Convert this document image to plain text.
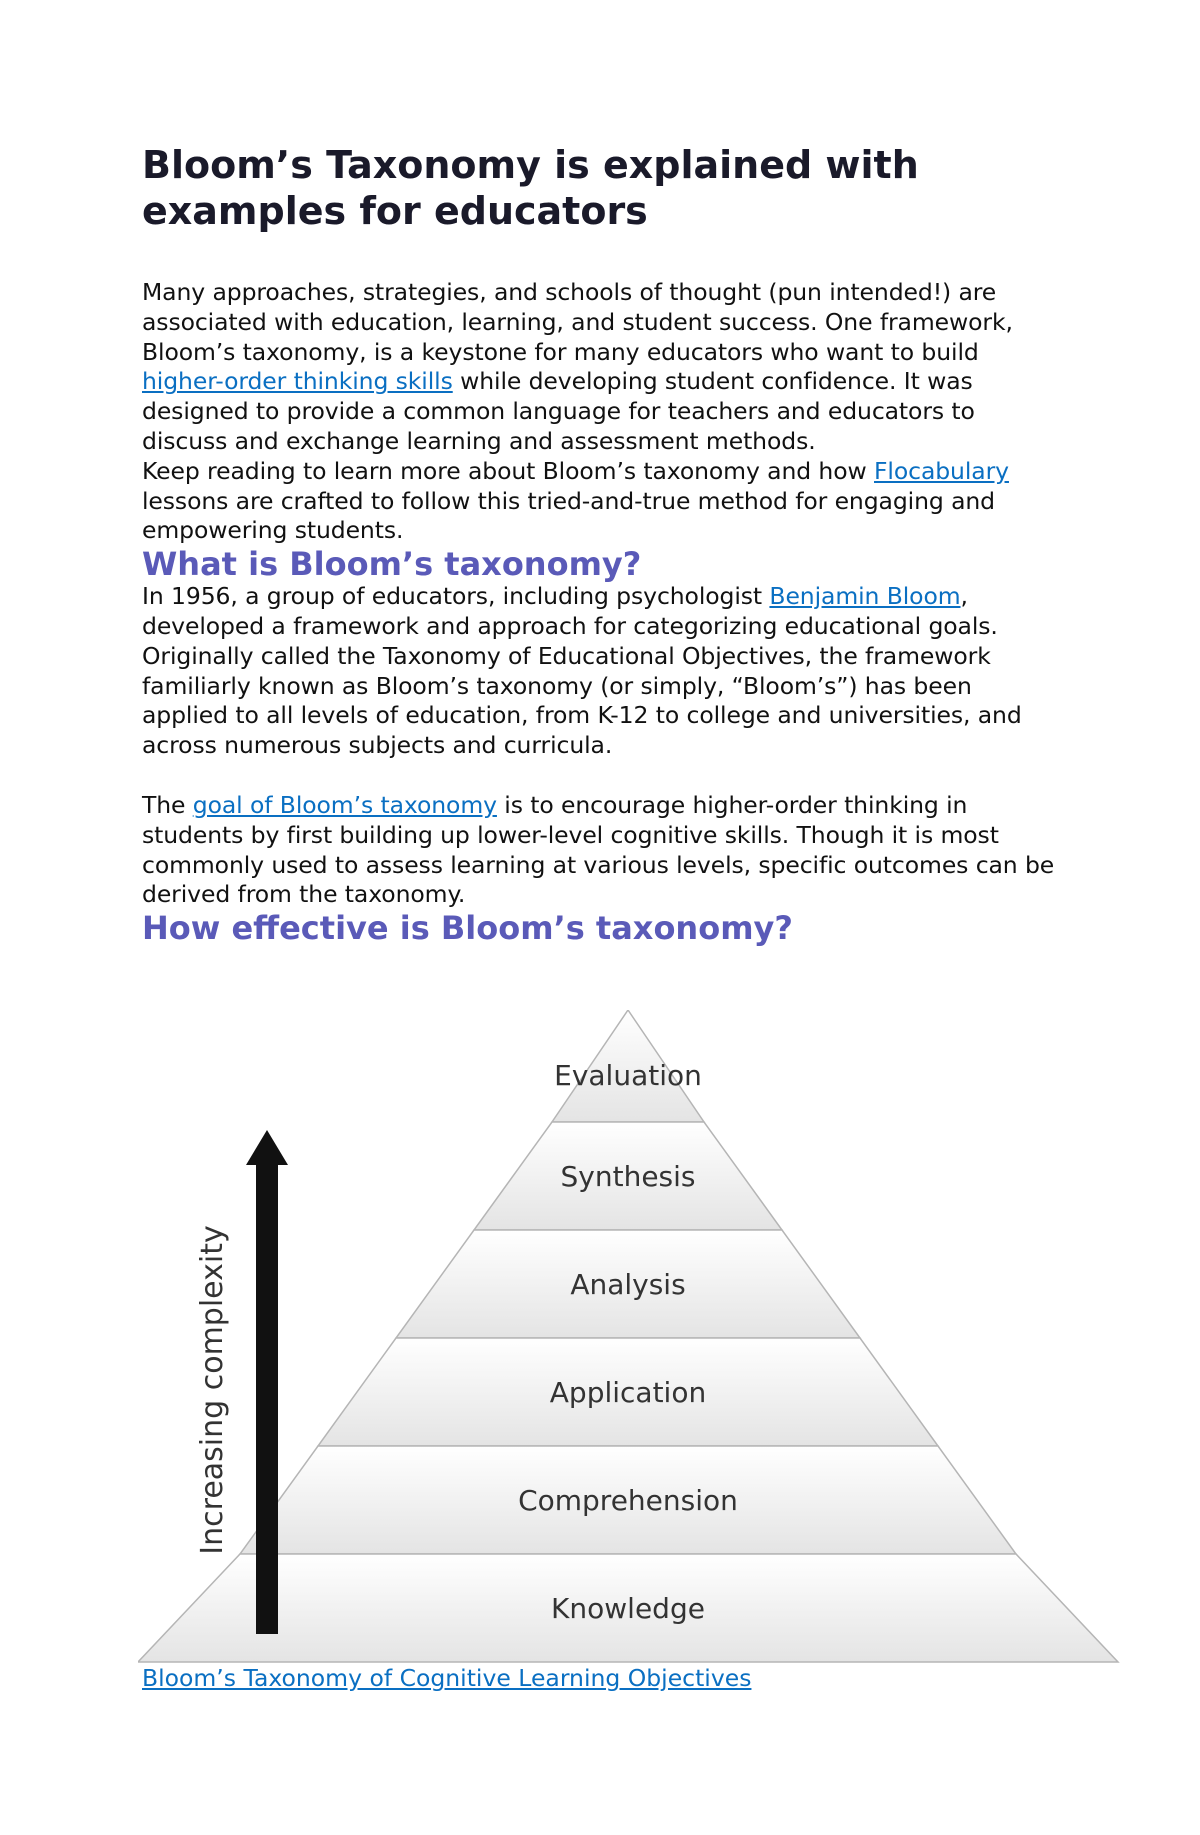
Bloom’s Taxonomy is explained with examples for educators

Many approaches, strategies, and schools of thought (pun intended!) are associated with education, learning, and student success. One framework, Bloom’s taxonomy, is a keystone for many educators who want to build higher-order thinking skills while developing student confidence. It was designed to provide a common language for teachers and educators to discuss and exchange learning and assessment methods.

Keep reading to learn more about Bloom’s taxonomy and how Flocabulary lessons are crafted to follow this tried-and-true method for engaging and empowering students.

What is Bloom’s taxonomy?

In 1956, a group of educators, including psychologist Benjamin Bloom, developed a framework and approach for categorizing educational goals.

Originally called the Taxonomy of Educational Objectives, the framework familiarly known as Bloom’s taxonomy (or simply, “Bloom’s”) has been applied to all levels of education, from K-12 to college and universities, and across numerous subjects and curricula.

The goal of Bloom’s taxonomy is to encourage higher-order thinking in students by first building up lower-level cognitive skills. Though it is most commonly used to assess learning at various levels, specific outcomes can be derived from the taxonomy.

How effective is Bloom’s taxonomy?
Evaluation
Synthesis
Analysis
Application
Comprehension
Knowledge
Increasing complexity
Bloom’s Taxonomy of Cognitive Learning Objectives
